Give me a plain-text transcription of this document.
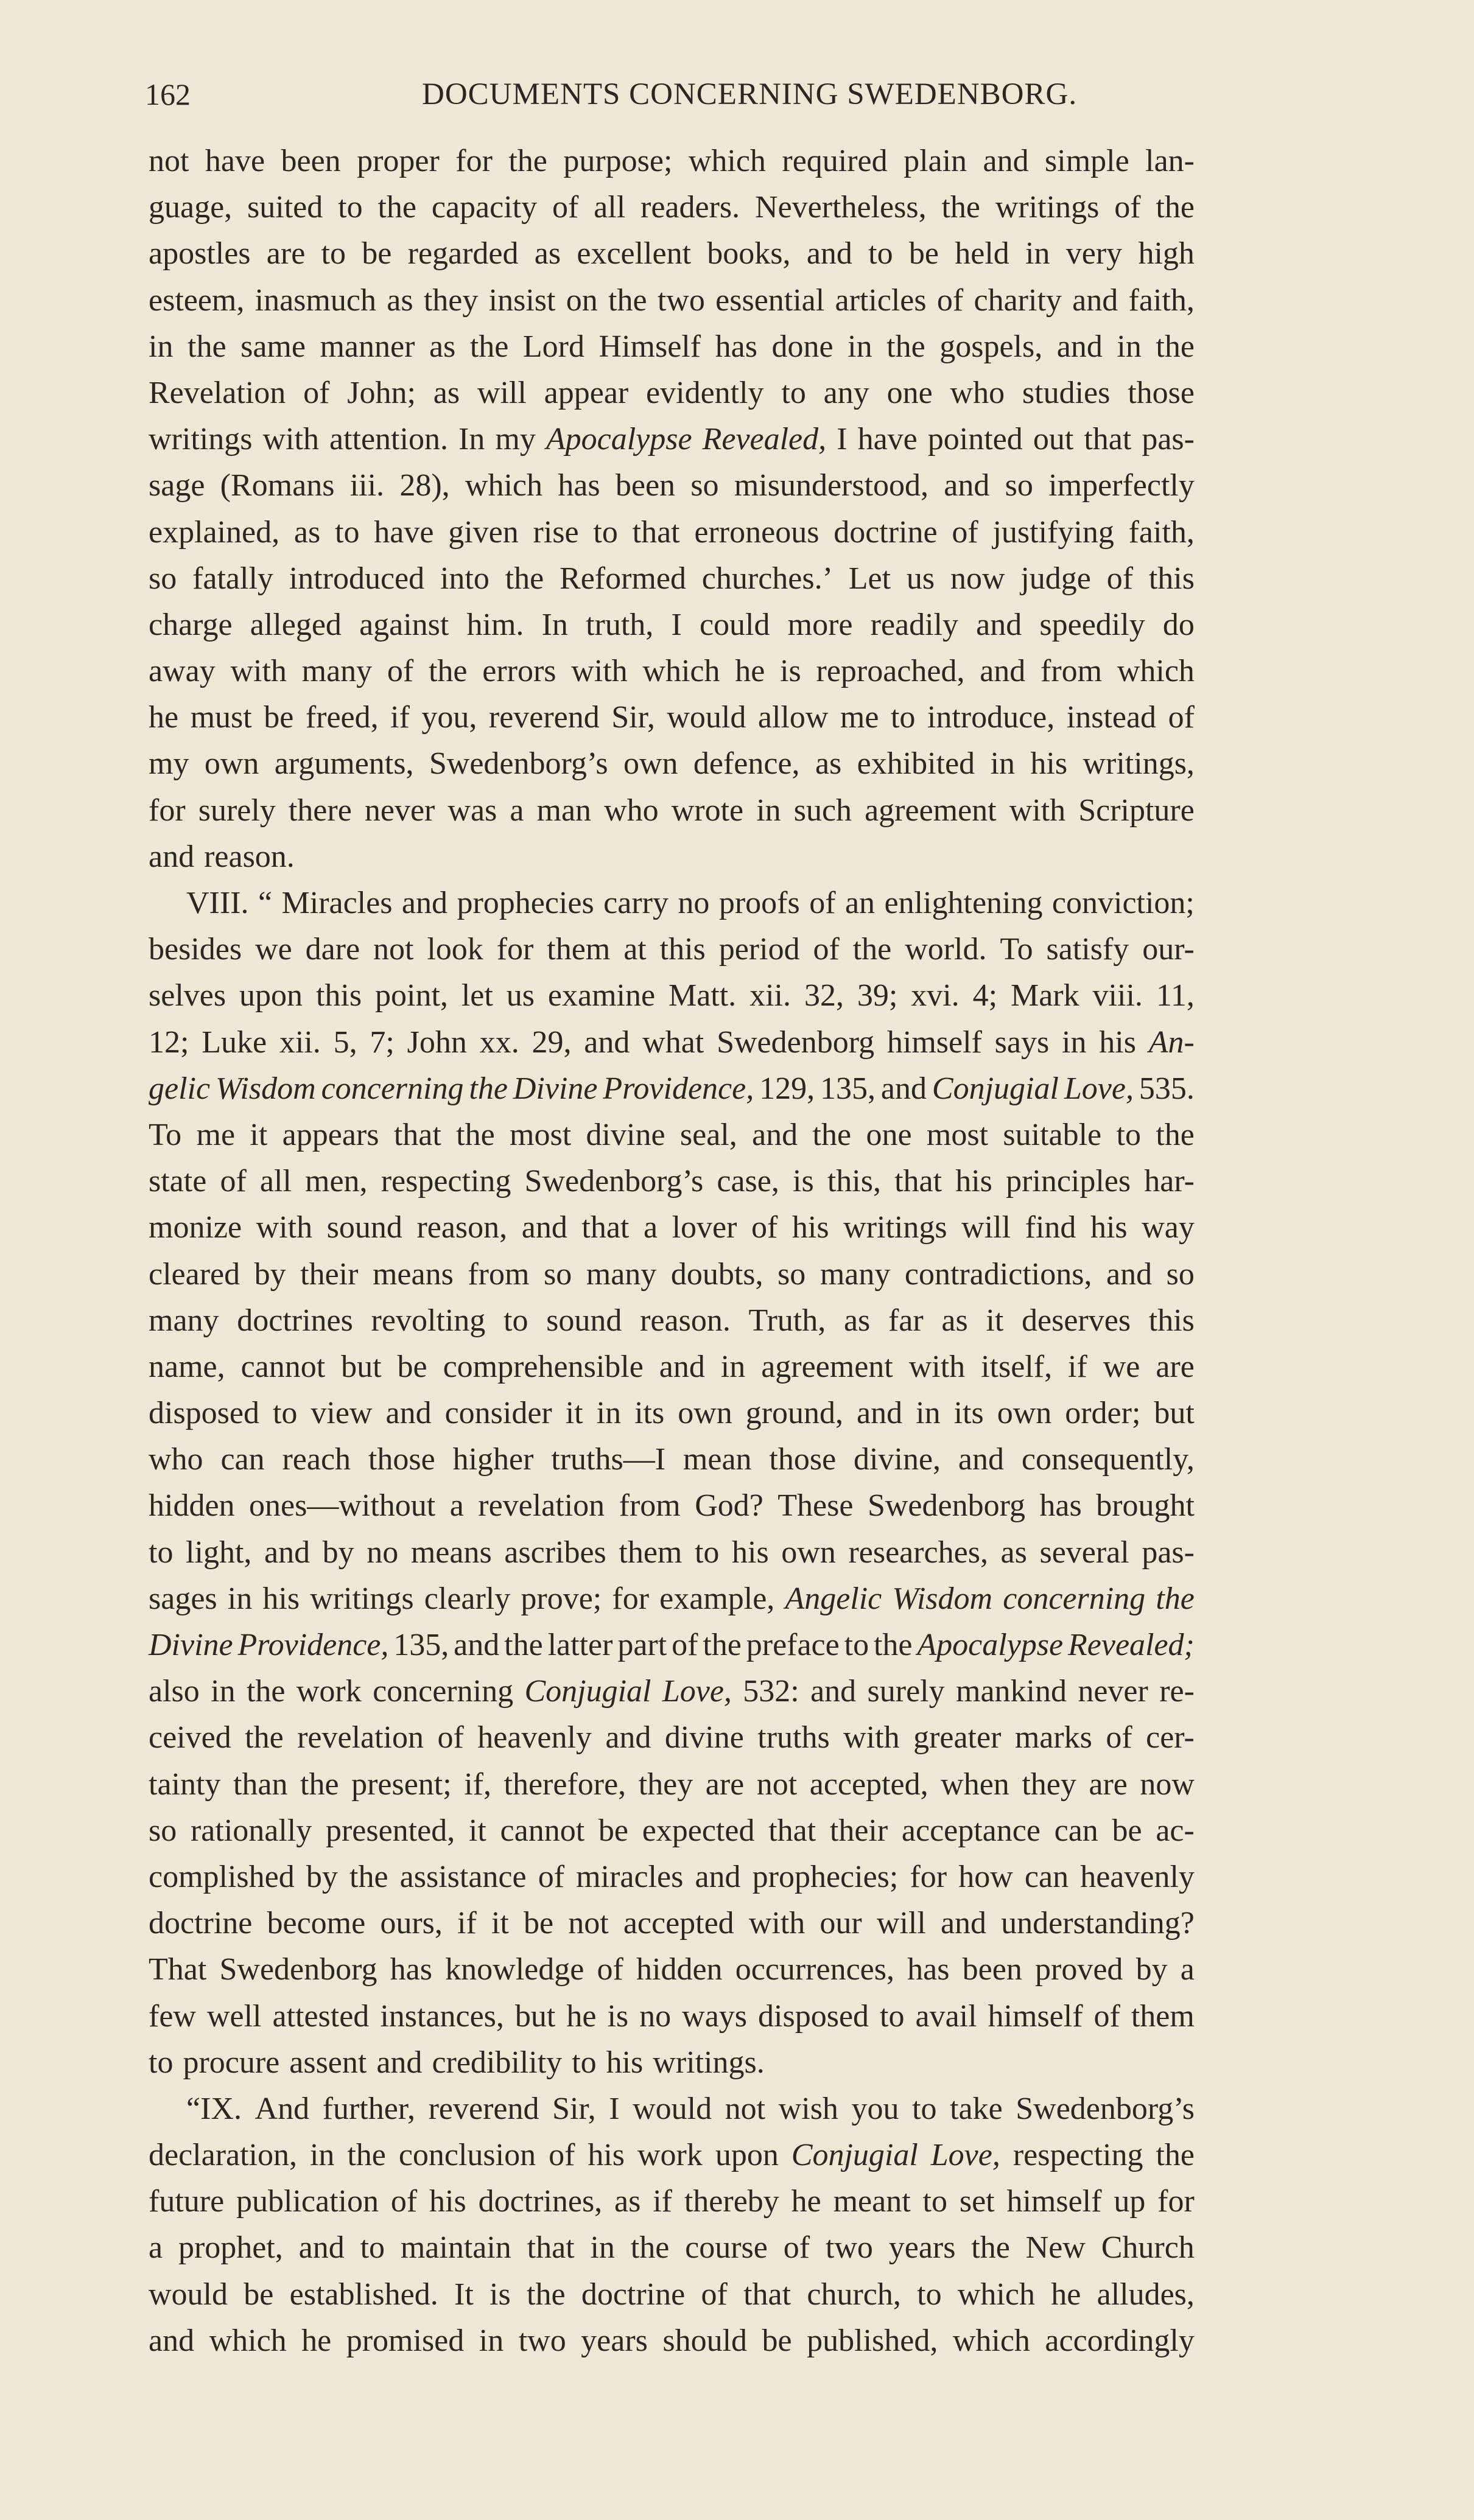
162	DOCUMENTS CONCERNING SWEDENBORG.
not have been proper for the purpose; which required plain and simple lan-
guage, suited to the capacity of all readers. Nevertheless, the writings of the
apostles are to be regarded as excellent books, and to be held in very high
esteem, inasmuch as they insist on the two essential articles of charity and faith,
in the same manner as the Lord Himself has done in the gospels, and in the
Revelation of John; as will appear evidently to any one who studies those
writings with attention. In my Apocalypse Revealed, I have pointed out that pas-
sage (Romans iii. 28), which has been so misunderstood, and so imperfectly
explained, as to have given rise to that erroneous doctrine of justifying faith,
so fatally introduced into the Reformed churches.’ Let us now judge of this
charge alleged against him. In truth, I could more readily and speedily do
away with many of the errors with which he is reproached, and from which
he must be freed, if you, reverend Sir, would allow me to introduce, instead of
my own arguments, Swedenborg’s own defence, as exhibited in his writings,
for surely there never was a man who wrote in such agreement with Scripture
and reason.
VIII. “ Miracles and prophecies carry no proofs of an enlightening conviction;
besides we dare not look for them at this period of the world. To satisfy our-
selves upon this point, let us examine Matt. xii. 32, 39; xvi. 4; Mark viii. 11,
12; Luke xii. 5, 7; John xx. 29, and what Swedenborg himself says in his An-
gelic Wisdom concerning the Divine Providence, 129, 135, and Conjugial Love, 535.
To me it appears that the most divine seal, and the one most suitable to the
state of all men, respecting Swedenborg’s case, is this, that his principles har-
monize with sound reason, and that a lover of his writings will find his way
cleared by their means from so many doubts, so many contradictions, and so
many doctrines revolting to sound reason. Truth, as far as it deserves this
name, cannot but be comprehensible and in agreement with itself, if we are
disposed to view and consider it in its own ground, and in its own order; but
who can reach those higher truths—I mean those divine, and consequently,
hidden ones—without a revelation from God? These Swedenborg has brought
to light, and by no means ascribes them to his own researches, as several pas-
sages in his writings clearly prove; for example, Angelic Wisdom concerning the
Divine Providence, 135, and the latter part of the preface to the Apocalypse Revealed;
also in the work concerning Conjugial Love, 532: and surely mankind never re-
ceived the revelation of heavenly and divine truths with greater marks of cer-
tainty than the present; if, therefore, they are not accepted, when they are now
so rationally presented, it cannot be expected that their acceptance can be ac-
complished by the assistance of miracles and prophecies; for how can heavenly
doctrine become ours, if it be not accepted with our will and understanding?
That Swedenborg has knowledge of hidden occurrences, has been proved by a
few well attested instances, but he is no ways disposed to avail himself of them
to procure assent and credibility to his writings.
“IX. And further, reverend Sir, I would not wish you to take Swedenborg’s
declaration, in the conclusion of his work upon Conjugial Love, respecting the
future publication of his doctrines, as if thereby he meant to set himself up for
a prophet, and to maintain that in the course of two years the New Church
would be established. It is the doctrine of that church, to which he alludes,
and which he promised in two years should be published, which accordingly
